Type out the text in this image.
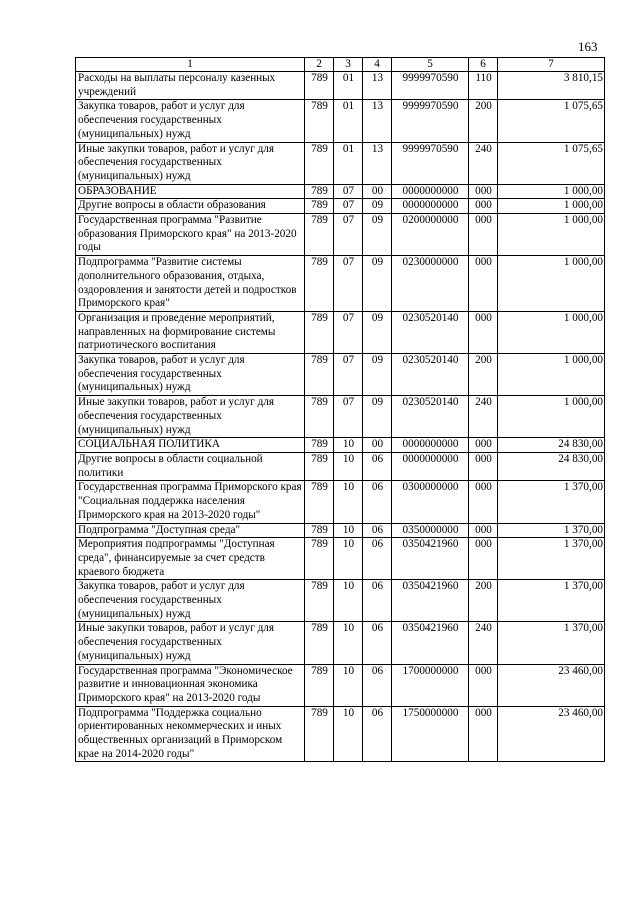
163
1	2	3	4	5	6	7
Расходы на выплаты персоналу казенных учреждений	789	01	13	9999970590	110	3 810,15
Закупка товаров, работ и услуг для обеспечения государственных (муниципальных) нужд	789	01	13	9999970590	200	1 075,65
Иные закупки товаров, работ и услуг для обеспечения государственных (муниципальных) нужд	789	01	13	9999970590	240	1 075,65
ОБРАЗОВАНИЕ	789	07	00	0000000000	000	1 000,00
Другие вопросы в области образования	789	07	09	0000000000	000	1 000,00
Государственная программа "Развитие образования Приморского края" на 2013-2020 годы	789	07	09	0200000000	000	1 000,00
Подпрограмма "Развитие системы дополнительного образования, отдыха, оздоровления и занятости детей и подростков Приморского края"	789	07	09	0230000000	000	1 000,00
Организация и проведение мероприятий, направленных на формирование системы патриотического воспитания	789	07	09	0230520140	000	1 000,00
Закупка товаров, работ и услуг для обеспечения государственных (муниципальных) нужд	789	07	09	0230520140	200	1 000,00
Иные закупки товаров, работ и услуг для обеспечения государственных (муниципальных) нужд	789	07	09	0230520140	240	1 000,00
СОЦИАЛЬНАЯ ПОЛИТИКА	789	10	00	0000000000	000	24 830,00
Другие вопросы в области социальной политики	789	10	06	0000000000	000	24 830,00
Государственная программа Приморского края "Социальная поддержка населения Приморского края на 2013-2020 годы"	789	10	06	0300000000	000	1 370,00
Подпрограмма "Доступная среда"	789	10	06	0350000000	000	1 370,00
Мероприятия подпрограммы "Доступная среда", финансируемые за счет средств краевого бюджета	789	10	06	0350421960	000	1 370,00
Закупка товаров, работ и услуг для обеспечения государственных (муниципальных) нужд	789	10	06	0350421960	200	1 370,00
Иные закупки товаров, работ и услуг для обеспечения государственных (муниципальных) нужд	789	10	06	0350421960	240	1 370,00
Государственная программа "Экономическое развитие и инновационная экономика Приморского края" на 2013-2020 годы	789	10	06	1700000000	000	23 460,00
Подпрограмма "Поддержка социально ориентированных некоммерческих и иных общественных организаций в Приморском крае на 2014-2020 годы"	789	10	06	1750000000	000	23 460,00
